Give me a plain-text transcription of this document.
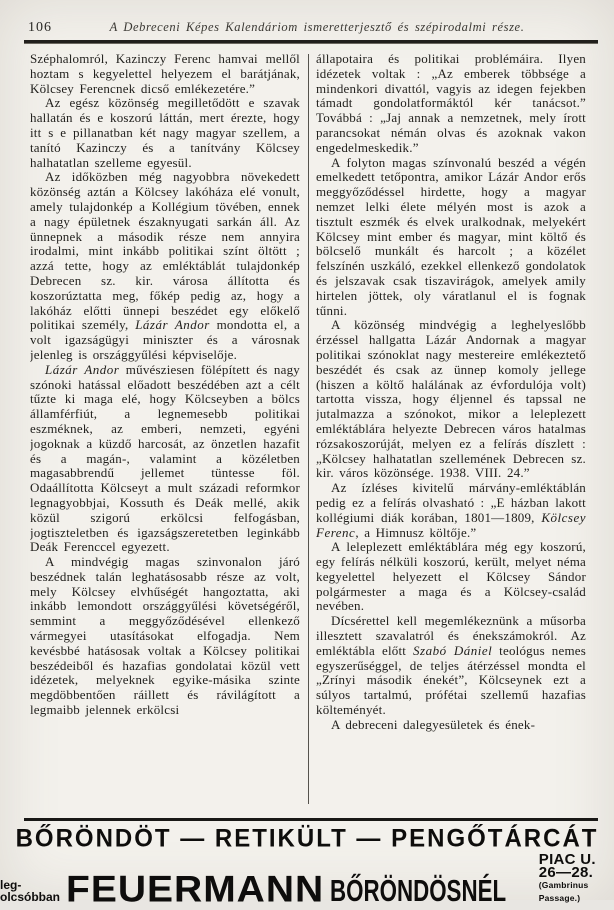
106	A Debreceni Képes Kalendáriom ismeretterjesztő és szépirodalmi része.

Széphalomról, Kazinczy Ferenc hamvai mellől hoztam s kegyelettel helyezem el barátjának, Kölcsey Ferencnek dicső emlékezetére.”

Az egész közönség megilletődött e szavak hallatán és e koszorú láttán, mert érezte, hogy itt s e pillanatban két nagy magyar szellem, a tanító Kazinczy és a tanítvány Kölcsey halhatatlan szelleme egyesül.

Az időközben még nagyobbra növekedett közönség aztán a Kölcsey lakóháza elé vonult, amely tulajdonkép a Kollégium tövében, ennek a nagy épületnek északnyugati sarkán áll. Az ünnepnek a második része nem annyira irodalmi, mint inkább politikai színt öltött ; azzá tette, hogy az emléktáblát tulajdonkép Debrecen sz. kir. városa állította és koszorúztatta meg, főkép pedig az, hogy a lakóház előtti ünnepi beszédet egy előkelő politikai személy, Lázár Andor mondotta el, a volt igazságügyi miniszter és a városnak jelenleg is országgyűlési képviselője.

Lázár Andor művésziesen fölépített és nagy szónoki hatással előadott beszédében azt a célt tűzte ki maga elé, hogy Kölcseyben a bölcs államférfiút, a legnemesebb politikai eszméknek, az emberi, nemzeti, egyéni jogoknak a küzdő harcosát, az önzetlen hazafit és a magán-, valamint a közéletben magasabbrendű jellemet tüntesse föl. Odaállította Kölcseyt a mult századi reformkor legnagyobbjai, Kossuth és Deák mellé, akik közül szigorú erkölcsi felfogásban, jogtiszteletben és igazságszeretetben leginkább Deák Ferenccel egyezett.

A mindvégig magas szinvonalon járó beszédnek talán leghatásosabb része az volt, mely Kölcsey elvhűségét hangoztatta, aki inkább lemondott országgyűlési követségéről, semmint a meggyőződésével ellenkező vármegyei utasításokat elfogadja. Nem kevésbbé hatásosak voltak a Kölcsey politikai beszédeiből és hazafias gondolatai közül vett idézetek, melyeknek egyike-másika szinte megdöbbentően ráillett és rávilágított a legmaibb jelennek erkölcsi

állapotaira és politikai problémáira. Ilyen idézetek voltak : „Az emberek többsége a mindenkori divattól, vagyis az idegen fejekben támadt gondolatformáktól kér tanácsot.” Továbbá : „Jaj annak a nemzetnek, mely írott parancsokat némán olvas és azoknak vakon engedelmeskedik.”

A folyton magas színvonalú beszéd a végén emelkedett tetőpontra, amikor Lázár Andor erős meggyőződéssel hirdette, hogy a magyar nemzet lelki élete mélyén most is azok a tisztult eszmék és elvek uralkodnak, melyekért Kölcsey mint ember és magyar, mint költő és bölcselő munkált és harcolt ; a közélet felszínén uszkáló, ezekkel ellenkező gondolatok és jelszavak csak tiszavirágok, amelyek amily hirtelen jöttek, oly váratlanul el is fognak tűnni.

A közönség mindvégig a leghelyeslőbb érzéssel hallgatta Lázár Andornak a magyar politikai szónoklat nagy mestereire emlékeztető beszédét és csak az ünnep komoly jellege (hiszen a költő halálának az évfordulója volt) tartotta vissza, hogy éljennel és tapssal ne jutalmazza a szónokot, mikor a leleplezett emléktáblára helyezte Debrecen város hatalmas rózsakoszorúját, melyen ez a felírás díszlett : „Kölcsey halhatatlan szellemének Debrecen sz. kir. város közönsége. 1938. VIII. 24.”

Az ízléses kivitelű márvány-emléktáblán pedig ez a felírás olvasható : „E házban lakott kollégiumi diák korában, 1801—1809, Kölcsey Ferenc, a Himnusz költője.”

A leleplezett emléktáblára még egy koszorú, egy felírás nélküli koszorú, került, melyet néma kegyelettel helyezett el Kölcsey Sándor polgármester a maga és a Kölcsey-család nevében.

Dícsérettel kell megemlékeznünk a műsorba illesztett szavalatról és énekszámokról. Az emléktábla előtt Szabó Dániel teológus nemes egyszerűséggel, de teljes átérzéssel mondta el „Zrínyi második énekét”, Kölcseynek ezt a súlyos tartalmú, prófétai szellemű hazafias költeményét.

A debreceni dalegyesületek és ének-

BŐRÖNDÖT — RETIKÜLT — PENGŐTÁRCÁT
leg-
olcsóbban FEUERMANN BŐRÖNDÖSNÉL
PIAC U. 26—28.
(Gambrinus Passage.)
